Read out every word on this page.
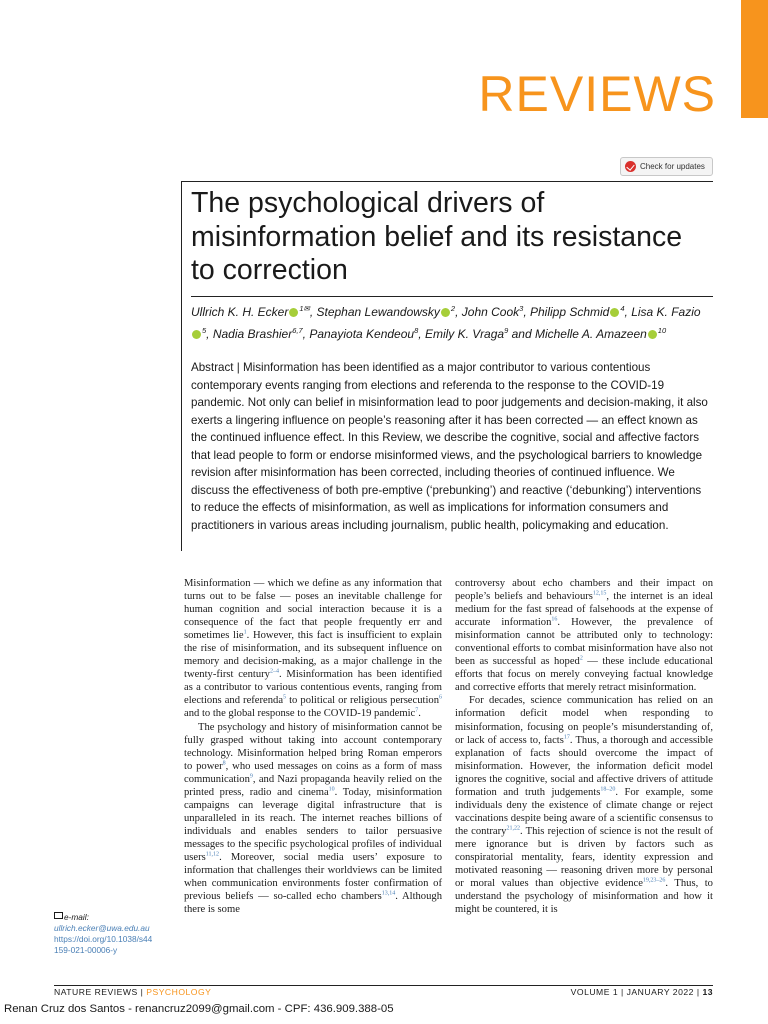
REVIEWS
Check for updates
The psychological drivers of misinformation belief and its resistance to correction
Ullrich K. H. Ecker $^{1✉}$, Stephan Lewandowsky $^2$, John Cook$^3$, Philipp Schmid $^4$, Lisa K. Fazio$^5$, Nadia Brashier$^{6,7}$, Panayiota Kendeou$^8$, Emily K. Vraga$^9$ and Michelle A. Amazeen $^{10}$
Abstract | Misinformation has been identified as a major contributor to various contentious contemporary events ranging from elections and referenda to the response to the COVID-19 pandemic. Not only can belief in misinformation lead to poor judgements and decision-making, it also exerts a lingering influence on people’s reasoning after it has been corrected — an effect known as the continued influence effect. In this Review, we describe the cognitive, social and affective factors that lead people to form or endorse misinformed views, and the psychological barriers to knowledge revision after misinformation has been corrected, including theories of continued influence. We discuss the effectiveness of both pre-emptive (‘prebunking’) and reactive (‘debunking’) interventions to reduce the effects of misinformation, as well as implications for information consumers and practitioners in various areas including journalism, public health, policymaking and education.

Misinformation — which we define as any information that turns out to be false — poses an inevitable challenge for human cognition and social interaction because it is a consequence of the fact that people frequently err and sometimes lie$^1$. However, this fact is insufficient to explain the rise of misinformation, and its subsequent influence on memory and decision-making, as a major challenge in the twenty-first century$^{2-4}$. Misinformation has been identified as a contributor to various contentious events, ranging from elections and referenda$^5$ to political or religious persecution$^6$ and to the global response to the COVID-19 pandemic$^7$.

The psychology and history of misinformation cannot be fully grasped without taking into account contemporary technology. Misinformation helped bring Roman emperors to power$^8$, who used messages on coins as a form of mass communication$^9$, and Nazi propaganda heavily relied on the printed press, radio and cinema$^{10}$. Today, misinformation campaigns can leverage digital infrastructure that is unparalleled in its reach. The internet reaches billions of individuals and enables senders to tailor persuasive messages to the specific psychological profiles of individual users$^{11,12}$. Moreover, social media users’ exposure to information that challenges their worldviews can be limited when communication environments foster confirmation of previous beliefs — so-called echo chambers$^{13,14}$. Although there is some

controversy about echo chambers and their impact on people’s beliefs and behaviours$^{12,15}$, the internet is an ideal medium for the fast spread of falsehoods at the expense of accurate information$^{16}$. However, the prevalence of misinformation cannot be attributed only to technology: conventional efforts to combat misinformation have also not been as successful as hoped$^2$ — these include educational efforts that focus on merely conveying factual knowledge and corrective efforts that merely retract misinformation.

For decades, science communication has relied on an information deficit model when responding to misinformation, focusing on people’s misunderstanding of, or lack of access to, facts$^{17}$. Thus, a thorough and accessible explanation of facts should overcome the impact of misinformation. However, the information deficit model ignores the cognitive, social and affective drivers of attitude formation and truth judgements$^{18-20}$. For example, some individuals deny the existence of climate change or reject vaccinations despite being aware of a scientific consensus to the contrary$^{21,22}$. This rejection of science is not the result of mere ignorance but is driven by factors such as conspiratorial mentality, fears, identity expression and motivated reasoning — reasoning driven more by personal or moral values than objective evidence$^{19,23-26}$. Thus, to understand the psychology of misinformation and how it might be countered, it is

e-mail: ullrich.ecker@uwa.edu.au
https://doi.org/10.1038/s44159-021-00006-y
NATURE REVIEWS | PSYCHOLOGY	VOLUME 1 | JANUARY 2022 | 13
Renan Cruz dos Santos - renancruz2099@gmail.com - CPF: 436.909.388-05
